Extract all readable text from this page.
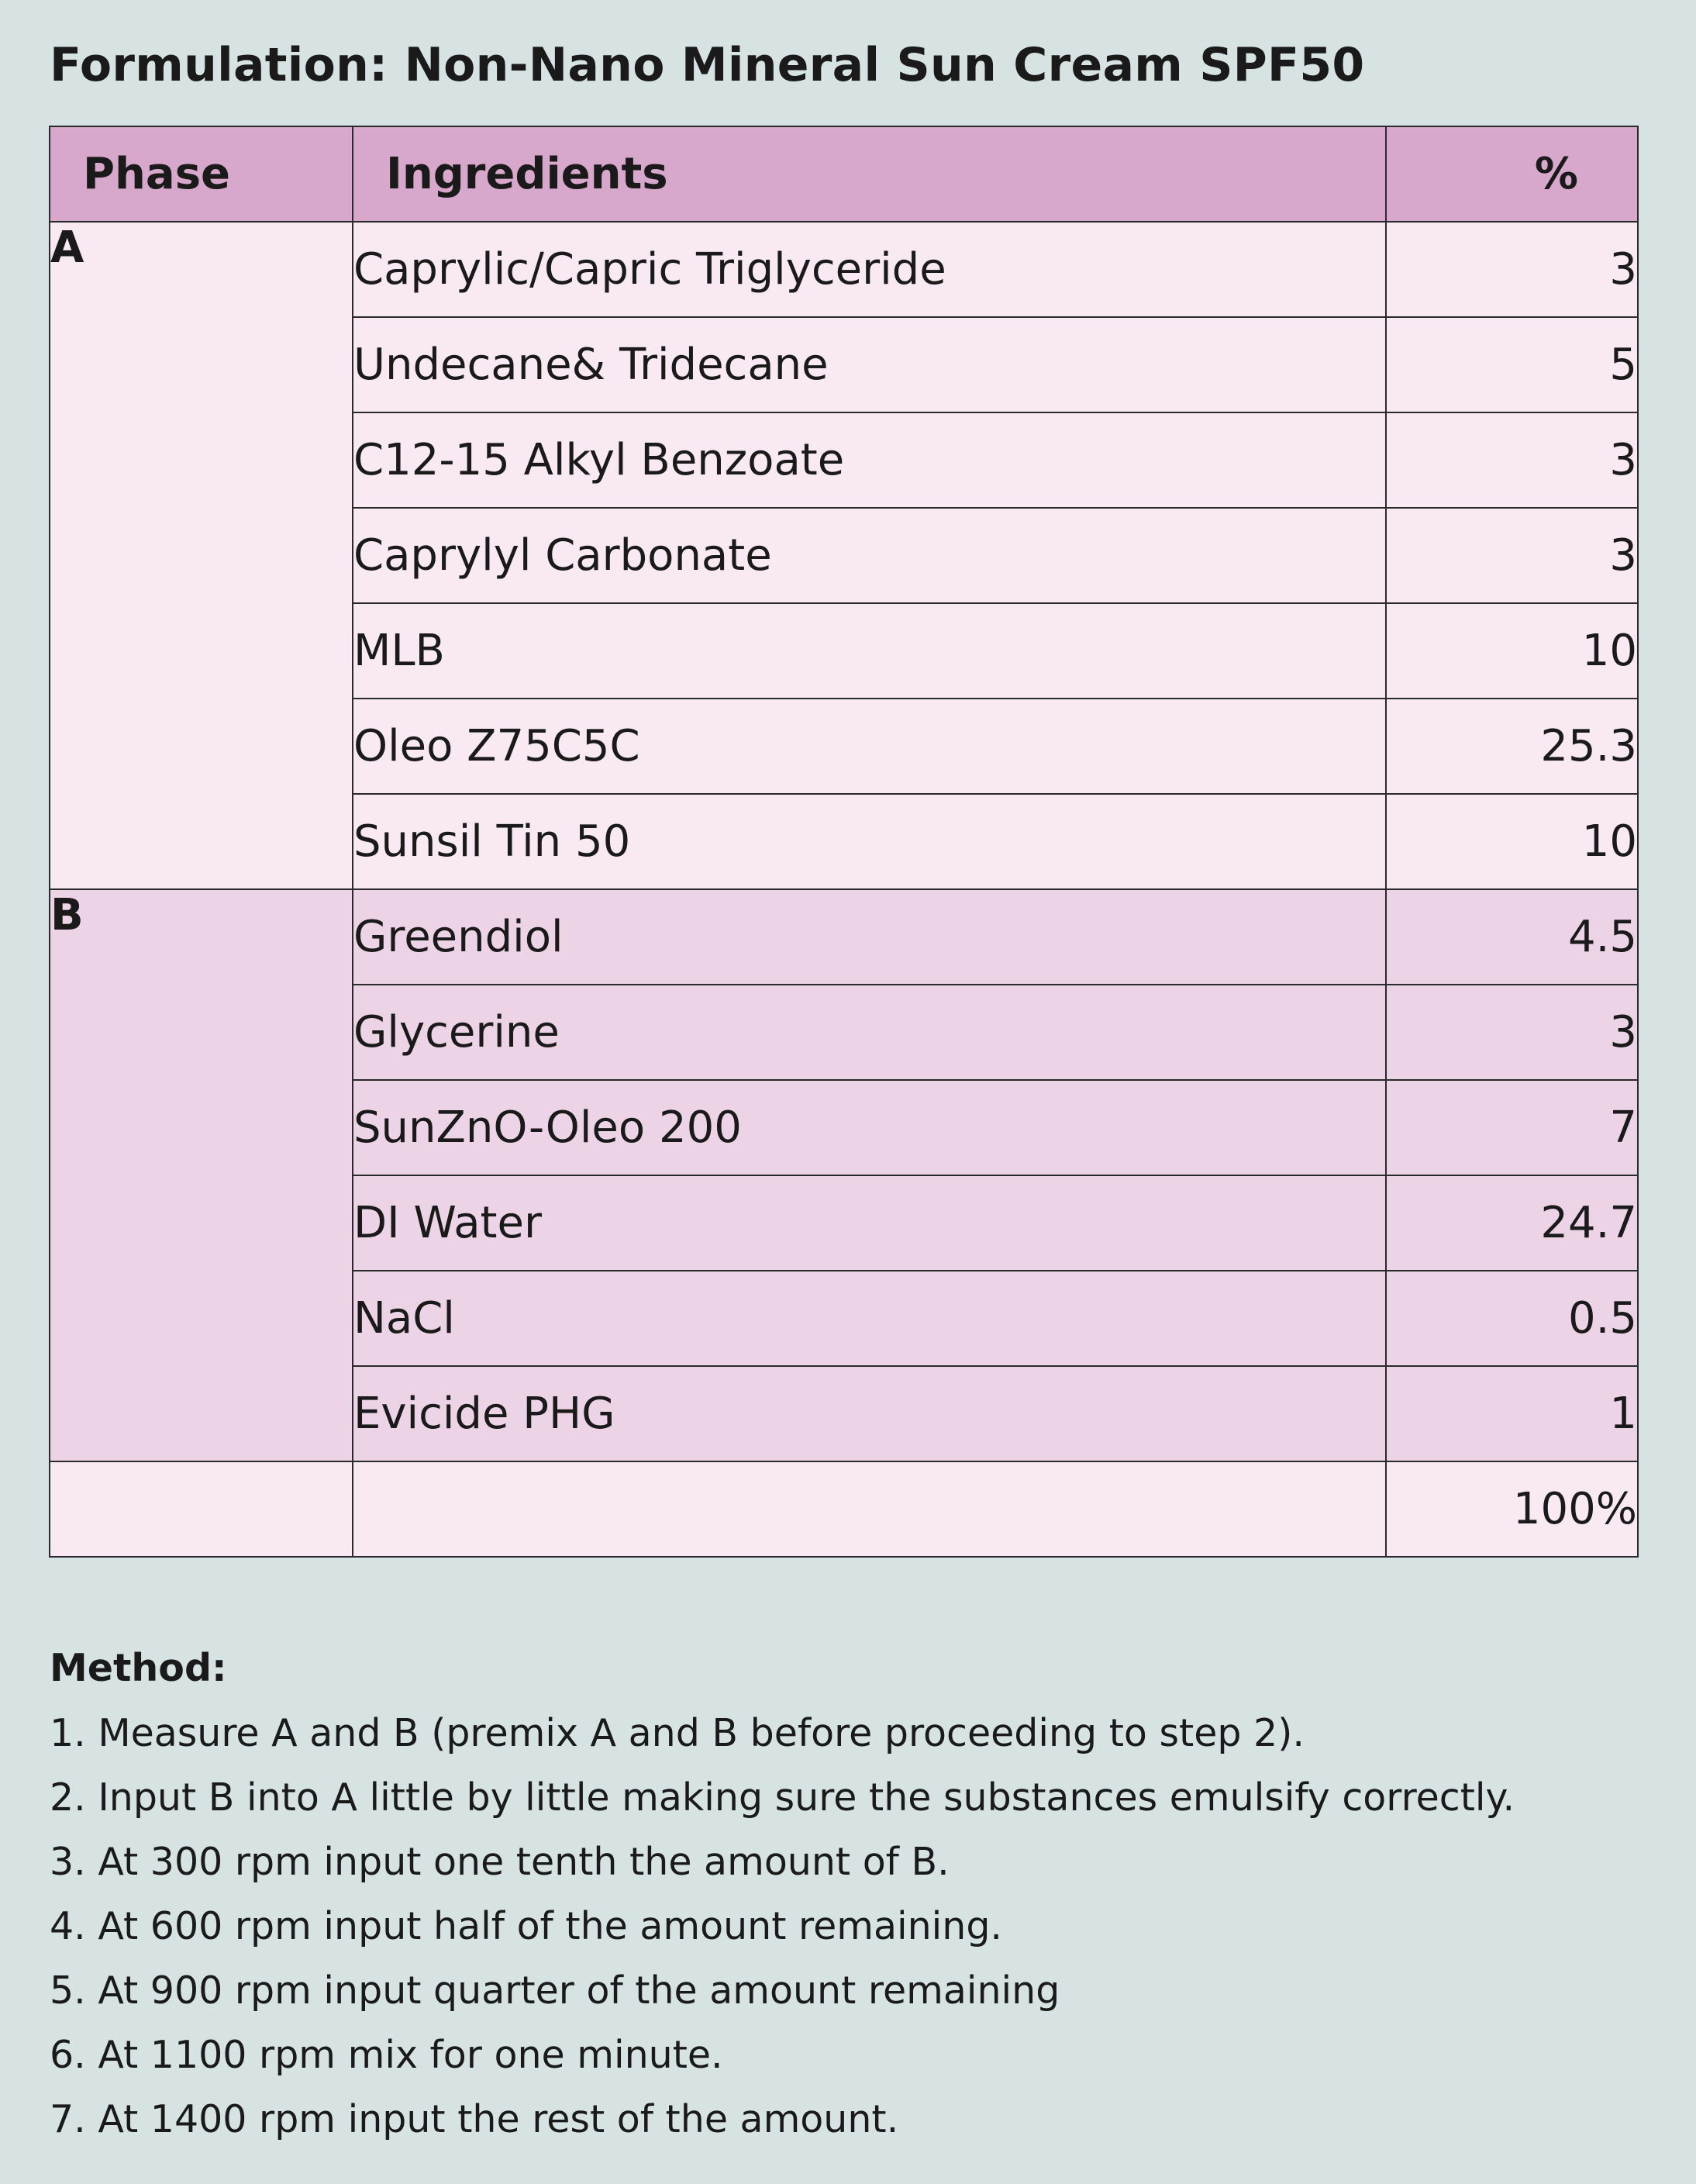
Formulation: Non-Nano Mineral Sun Cream SPF50
Phase	Ingredients	%
A	Caprylic/Capric Triglyceride	3
	Undecane& Tridecane	5
	C12-15 Alkyl Benzoate	3
	Caprylyl Carbonate	3
	MLB	10
	Oleo Z75C5C	25.3
	Sunsil Tin 50	10
B	Greendiol	4.5
	Glycerine	3
	SunZnO-Oleo 200	7
	DI Water	24.7
	NaCl	0.5
	Evicide PHG	1
		100%
Method:
1. Measure A and B (premix A and B before proceeding to step 2).
2. Input B into A little by little making sure the substances emulsify correctly.
3. At 300 rpm input one tenth the amount of B.
4. At 600 rpm input half of the amount remaining.
5. At 900 rpm input quarter of the amount remaining
6. At 1100 rpm mix for one minute.
7. At 1400 rpm input the rest of the amount.
